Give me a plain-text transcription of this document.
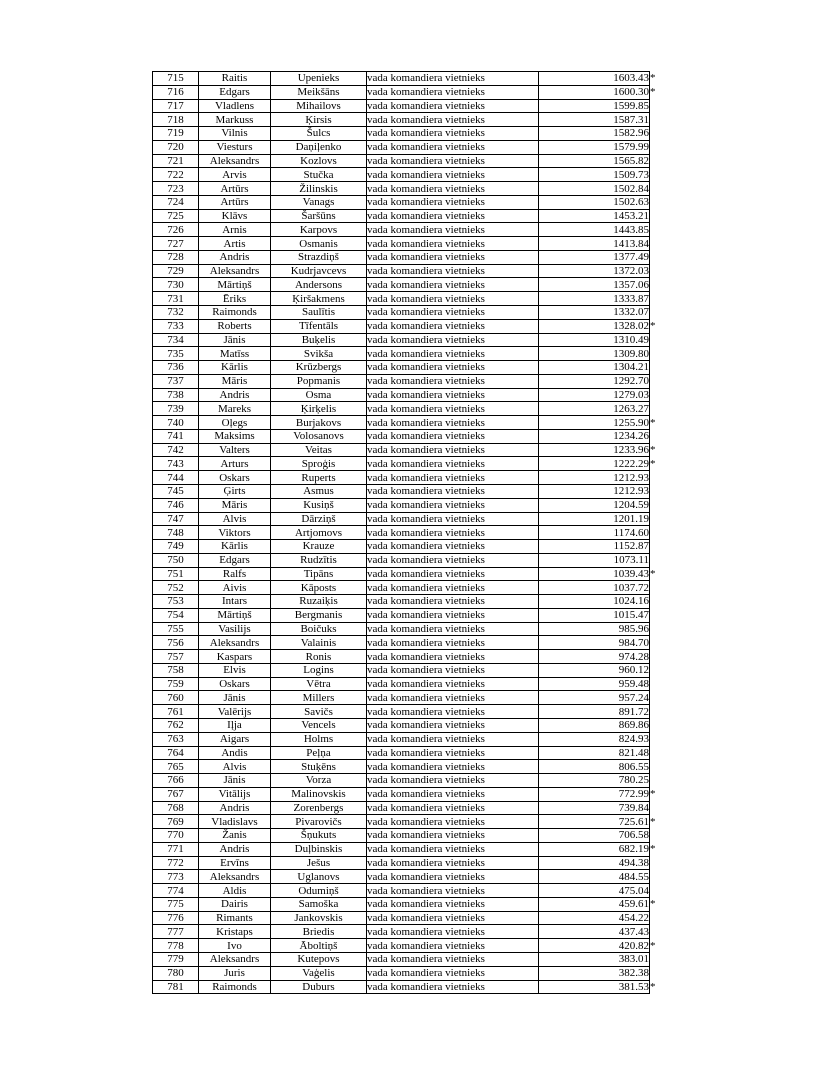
715	Raitis	Upenieks	vada komandiera vietnieks	1603.43	*
716	Edgars	Meikšāns	vada komandiera vietnieks	1600.30	*
717	Vladlens	Mihailovs	vada komandiera vietnieks	1599.85	
718	Markuss	Ķirsis	vada komandiera vietnieks	1587.31	
719	Vilnis	Šulcs	vada komandiera vietnieks	1582.96	
720	Viesturs	Daņiļenko	vada komandiera vietnieks	1579.99	
721	Aleksandrs	Kozlovs	vada komandiera vietnieks	1565.82	
722	Arvis	Stučka	vada komandiera vietnieks	1509.73	
723	Artūrs	Žilinskis	vada komandiera vietnieks	1502.84	
724	Artūrs	Vanags	vada komandiera vietnieks	1502.63	
725	Klāvs	Šaršūns	vada komandiera vietnieks	1453.21	
726	Arnis	Karpovs	vada komandiera vietnieks	1443.85	
727	Artis	Osmanis	vada komandiera vietnieks	1413.84	
728	Andris	Strazdiņš	vada komandiera vietnieks	1377.49	
729	Aleksandrs	Kudrjavcevs	vada komandiera vietnieks	1372.03	
730	Mārtiņš	Andersons	vada komandiera vietnieks	1357.06	
731	Ēriks	Ķiršakmens	vada komandiera vietnieks	1333.87	
732	Raimonds	Saulītis	vada komandiera vietnieks	1332.07	
733	Roberts	Tīfentāls	vada komandiera vietnieks	1328.02	*
734	Jānis	Buķelis	vada komandiera vietnieks	1310.49	
735	Matīss	Svikša	vada komandiera vietnieks	1309.80	
736	Kārlis	Krūzbergs	vada komandiera vietnieks	1304.21	
737	Māris	Popmanis	vada komandiera vietnieks	1292.70	
738	Andris	Osma	vada komandiera vietnieks	1279.03	
739	Mareks	Ķirķelis	vada komandiera vietnieks	1263.27	
740	Oļegs	Burjakovs	vada komandiera vietnieks	1255.90	*
741	Maksims	Volosanovs	vada komandiera vietnieks	1234.26	
742	Valters	Veitas	vada komandiera vietnieks	1233.96	*
743	Arturs	Sproģis	vada komandiera vietnieks	1222.29	*
744	Oskars	Ruperts	vada komandiera vietnieks	1212.93	
745	Ģirts	Asmus	vada komandiera vietnieks	1212.93	
746	Māris	Kusiņš	vada komandiera vietnieks	1204.59	
747	Alvis	Dārziņš	vada komandiera vietnieks	1201.19	
748	Viktors	Artjomovs	vada komandiera vietnieks	1174.60	
749	Kārlis	Krauze	vada komandiera vietnieks	1152.87	
750	Edgars	Rudzītis	vada komandiera vietnieks	1073.11	
751	Ralfs	Tipāns	vada komandiera vietnieks	1039.43	*
752	Aivis	Kāposts	vada komandiera vietnieks	1037.72	
753	Intars	Ruzaiķis	vada komandiera vietnieks	1024.16	
754	Mārtiņš	Bergmanis	vada komandiera vietnieks	1015.47	
755	Vasilijs	Boičuks	vada komandiera vietnieks	985.96	
756	Aleksandrs	Valainis	vada komandiera vietnieks	984.70	
757	Kaspars	Ronis	vada komandiera vietnieks	974.28	
758	Elvis	Logins	vada komandiera vietnieks	960.12	
759	Oskars	Vētra	vada komandiera vietnieks	959.48	
760	Jānis	Millers	vada komandiera vietnieks	957.24	
761	Valērijs	Savičs	vada komandiera vietnieks	891.72	
762	Iļja	Vencels	vada komandiera vietnieks	869.86	
763	Aigars	Holms	vada komandiera vietnieks	824.93	
764	Andis	Peļņa	vada komandiera vietnieks	821.48	
765	Alvis	Stuķēns	vada komandiera vietnieks	806.55	
766	Jānis	Vorza	vada komandiera vietnieks	780.25	
767	Vitālijs	Malinovskis	vada komandiera vietnieks	772.99	*
768	Andris	Zorenbergs	vada komandiera vietnieks	739.84	
769	Vladislavs	Pivarovičs	vada komandiera vietnieks	725.61	*
770	Žanis	Šņukuts	vada komandiera vietnieks	706.58	
771	Andris	Duļbinskis	vada komandiera vietnieks	682.19	*
772	Ervīns	Ješus	vada komandiera vietnieks	494.38	
773	Aleksandrs	Uglanovs	vada komandiera vietnieks	484.55	
774	Aldis	Odumiņš	vada komandiera vietnieks	475.04	
775	Dairis	Samoška	vada komandiera vietnieks	459.61	*
776	Rimants	Jankovskis	vada komandiera vietnieks	454.22	
777	Kristaps	Briedis	vada komandiera vietnieks	437.43	
778	Ivo	Āboltiņš	vada komandiera vietnieks	420.82	*
779	Aleksandrs	Kutepovs	vada komandiera vietnieks	383.01	
780	Juris	Vaģelis	vada komandiera vietnieks	382.38	
781	Raimonds	Duburs	vada komandiera vietnieks	381.53	*
